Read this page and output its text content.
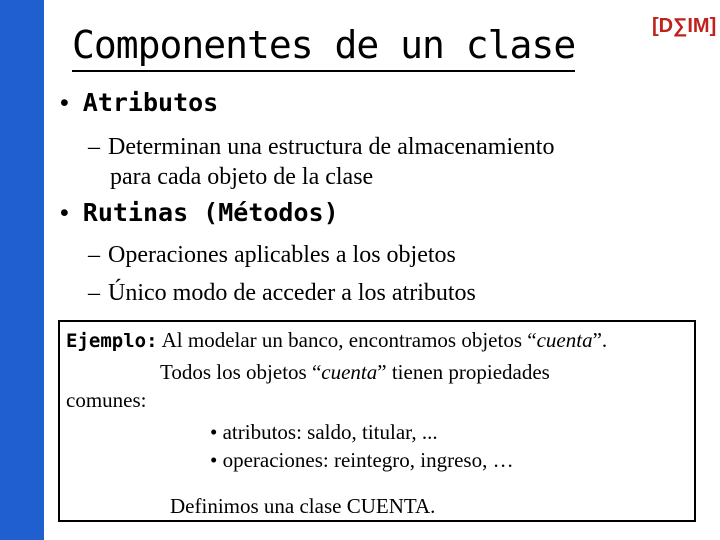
Componentes de un clase	[D∑IM]
• Atributos
– Determinan una estructura de almacenamiento
para cada objeto de la clase
• Rutinas (Métodos)
– Operaciones aplicables a los objetos
– Único modo de acceder a los atributos
Ejemplo: Al modelar un banco, encontramos objetos “cuenta”.
Todos los objetos “cuenta” tienen propiedades
comunes:
• atributos: saldo, titular, ...
• operaciones: reintegro, ingreso, …
Definimos una clase CUENTA.
